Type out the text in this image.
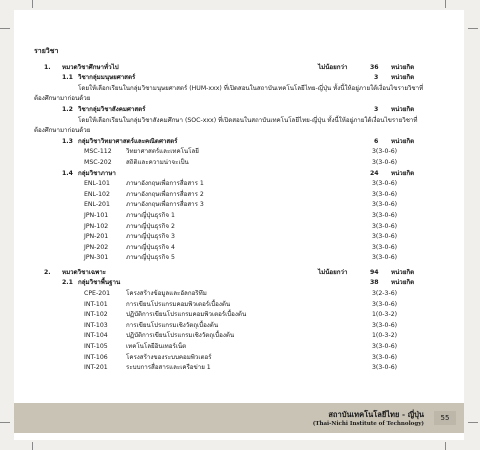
รายวิชา
1. หมวดวิชาศึกษาทั่วไป	ไม่น้อยกว่า	36 หน่วยกิต
1.1 วิชากลุ่มมนุษยศาสตร์	3 หน่วยกิต
โดยให้เลือกเรียนในกลุ่มวิชามนุษยศาสตร์ (HUM-xxx) ที่เปิดสอนในสถาบันเทคโนโลยีไทย-ญี่ปุ่น ทั้งนี้ให้อยู่ภายใต้เงื่อนไขรายวิชาที่
ต้องศึกษามาก่อนด้วย
1.2 วิชากลุ่มวิชาสังคมศาสตร์	3 หน่วยกิต
โดยให้เลือกเรียนในกลุ่มวิชาสังคมศึกษา (SOC-xxx) ที่เปิดสอนในสถาบันเทคโนโลยีไทย-ญี่ปุ่น ทั้งนี้ให้อยู่ภายใต้เงื่อนไขรายวิชาที่
ต้องศึกษามาก่อนด้วย
1.3 กลุ่มวิชาวิทยาศาสตร์และคณิตศาสตร์	6 หน่วยกิต
MSC-112 วิทยาศาสตร์และเทคโนโลยี	3(3-0-6)
MSC-202 สถิติและความน่าจะเป็น	3(3-0-6)
1.4 กลุ่มวิชาภาษา	24 หน่วยกิต
ENL-101	ภาษาอังกฤษเพื่อการสื่อสาร 1	3(3-0-6)
ENL-102	ภาษาอังกฤษเพื่อการสื่อสาร 2	3(3-0-6)
ENL-201	ภาษาอังกฤษเพื่อการสื่อสาร 3	3(3-0-6)
JPN-101	ภาษาญี่ปุ่นธุรกิจ 1	3(3-0-6)
JPN-102	ภาษาญี่ปุ่นธุรกิจ 2	3(3-0-6)
JPN-201	ภาษาญี่ปุ่นธุรกิจ 3	3(3-0-6)
JPN-202	ภาษาญี่ปุ่นธุรกิจ 4	3(3-0-6)
JPN-301	ภาษาญี่ปุ่นธุรกิจ 5	3(3-0-6)
2. หมวดวิชาเฉพาะ	ไม่น้อยกว่า	94 หน่วยกิต
2.1 กลุ่มวิชาพื้นฐาน	38 หน่วยกิต
CPE-201	โครงสร้างข้อมูลและอัลกอริทึม	3(2-3-6)
INT-101	การเขียนโปรแกรมคอมพิวเตอร์เบื้องต้น	3(3-0-6)
INT-102	ปฏิบัติการเขียนโปรแกรมคอมพิวเตอร์เบื้องต้น	1(0-3-2)
INT-103	การเขียนโปรแกรมเชิงวัตถุเบื้องต้น	3(3-0-6)
INT-104	ปฏิบัติการเขียนโปรแกรมเชิงวัตถุเบื้องต้น	1(0-3-2)
INT-105	เทคโนโลยีอินเทอร์เน็ต	3(3-0-6)
INT-106	โครงสร้างของระบบคอมพิวเตอร์	3(3-0-6)
INT-201	ระบบการสื่อสารและเครือข่าย 1	3(3-0-6)
สถาบันเทคโนโลยีไทย - ญี่ปุ่น
(Thai-Nichi Institute of Technology)
55
